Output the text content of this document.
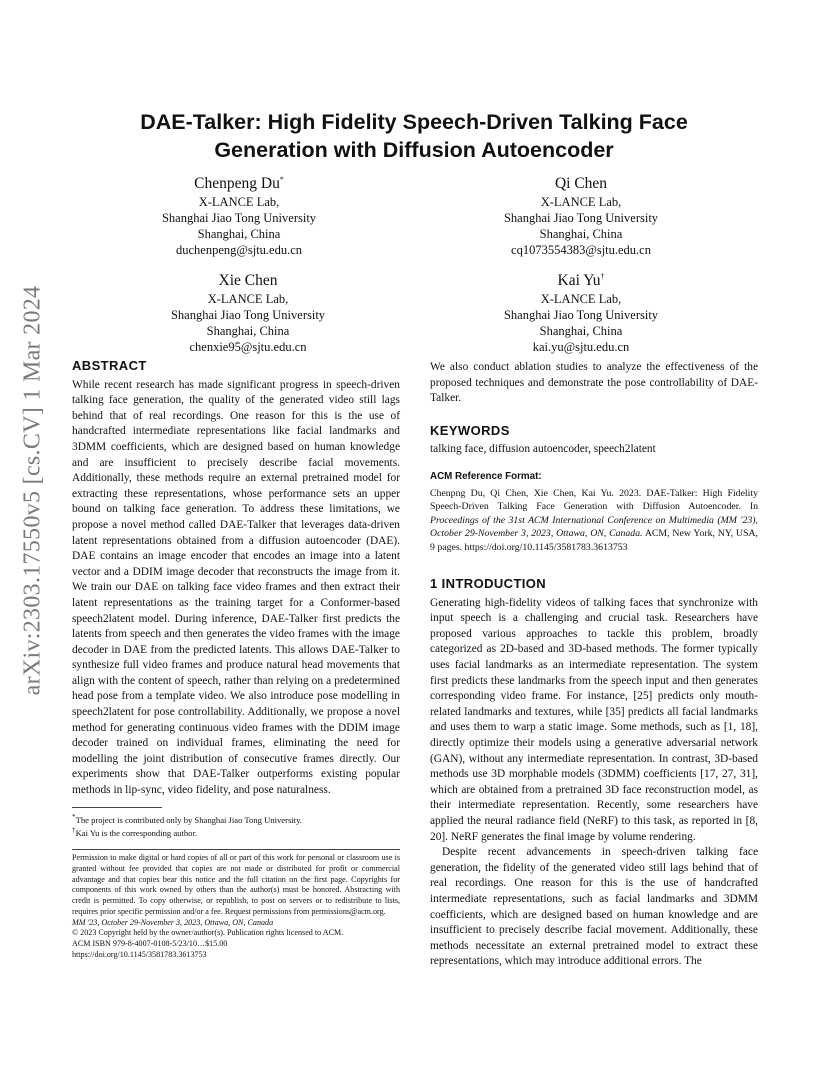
arXiv:2303.17550v5 [cs.CV] 1 Mar 2024
DAE-Talker: High Fidelity Speech-Driven Talking Face
Generation with Diffusion Autoencoder
Chenpeng Du*
X-LANCE Lab,
Shanghai Jiao Tong University
Shanghai, China
duchenpeng@sjtu.edu.cn
Qi Chen
X-LANCE Lab,
Shanghai Jiao Tong University
Shanghai, China
cq1073554383@sjtu.edu.cn
Xie Chen
X-LANCE Lab,
Shanghai Jiao Tong University
Shanghai, China
chenxie95@sjtu.edu.cn
Kai Yu†
X-LANCE Lab,
Shanghai Jiao Tong University
Shanghai, China
kai.yu@sjtu.edu.cn
ABSTRACT

While recent research has made significant progress in speech-driven talking face generation, the quality of the generated video still lags behind that of real recordings. One reason for this is the use of handcrafted intermediate representations like facial landmarks and 3DMM coefficients, which are designed based on human knowledge and are insufficient to precisely describe facial movements. Additionally, these methods require an external pretrained model for extracting these representations, whose performance sets an upper bound on talking face generation. To address these limitations, we propose a novel method called DAE-Talker that leverages data-driven latent representations obtained from a diffusion autoencoder (DAE). DAE contains an image encoder that encodes an image into a latent vector and a DDIM image decoder that reconstructs the image from it. We train our DAE on talking face video frames and then extract their latent representations as the training target for a Conformer-based speech2latent model. During inference, DAE-Talker first predicts the latents from speech and then generates the video frames with the image decoder in DAE from the predicted latents. This allows DAE-Talker to synthesize full video frames and produce natural head movements that align with the content of speech, rather than relying on a predetermined head pose from a template video. We also introduce pose modelling in speech2latent for pose controllability. Additionally, we propose a novel method for generating continuous video frames with the DDIM image decoder trained on individual frames, eliminating the need for modelling the joint distribution of consecutive frames directly. Our experiments show that DAE-Talker outperforms existing popular methods in lip-sync, video fidelity, and pose naturalness.

*The project is contributed only by Shanghai Jiao Tong University.
†Kai Yu is the corresponding author.
Permission to make digital or hard copies of all or part of this work for personal or classroom use is granted without fee provided that copies are not made or distributed for profit or commercial advantage and that copies bear this notice and the full citation on the first page. Copyrights for components of this work owned by others than the author(s) must be honored. Abstracting with credit is permitted. To copy otherwise, or republish, to post on servers or to redistribute to lists, requires prior specific permission and/or a fee. Request permissions from permissions@acm.org.
MM '23, October 29-November 3, 2023, Ottawa, ON, Canada
© 2023 Copyright held by the owner/author(s). Publication rights licensed to ACM.
ACM ISBN 979-8-4007-0108-5/23/10…$15.00
https://doi.org/10.1145/3581783.3613753

We also conduct ablation studies to analyze the effectiveness of the proposed techniques and demonstrate the pose controllability of DAE-Talker.

KEYWORDS

talking face, diffusion autoencoder, speech2latent

ACM Reference Format:

Chenpng Du, Qi Chen, Xie Chen, Kai Yu. 2023. DAE-Talker: High Fidelity Speech-Driven Talking Face Generation with Diffusion Autoencoder. In Proceedings of the 31st ACM International Conference on Multimedia (MM '23), October 29-November 3, 2023, Ottawa, ON, Canada. ACM, New York, NY, USA, 9 pages. https://doi.org/10.1145/3581783.3613753

1 INTRODUCTION

Generating high-fidelity videos of talking faces that synchronize with input speech is a challenging and crucial task. Researchers have proposed various approaches to tackle this problem, broadly categorized as 2D-based and 3D-based methods. The former typically uses facial landmarks as an intermediate representation. The system first predicts these landmarks from the speech input and then generates corresponding video frame. For instance, [25] predicts only mouth-related landmarks and textures, while [35] predicts all facial landmarks and uses them to warp a static image. Some methods, such as [1, 18], directly optimize their models using a generative adversarial network (GAN), without any intermediate representation. In contrast, 3D-based methods use 3D morphable models (3DMM) coefficients [17, 27, 31], which are obtained from a pretrained 3D face reconstruction model, as their intermediate representation. Recently, some researchers have applied the neural radiance field (NeRF) to this task, as reported in [8, 20]. NeRF generates the final image by volume rendering.

Despite recent advancements in speech-driven talking face generation, the fidelity of the generated video still lags behind that of real recordings. One reason for this is the use of handcrafted intermediate representations, such as facial landmarks and 3DMM coefficients, which are designed based on human knowledge and are insufficient to precisely describe facial movement. Additionally, these methods necessitate an external pretrained model to extract these representations, which may introduce additional errors. The
